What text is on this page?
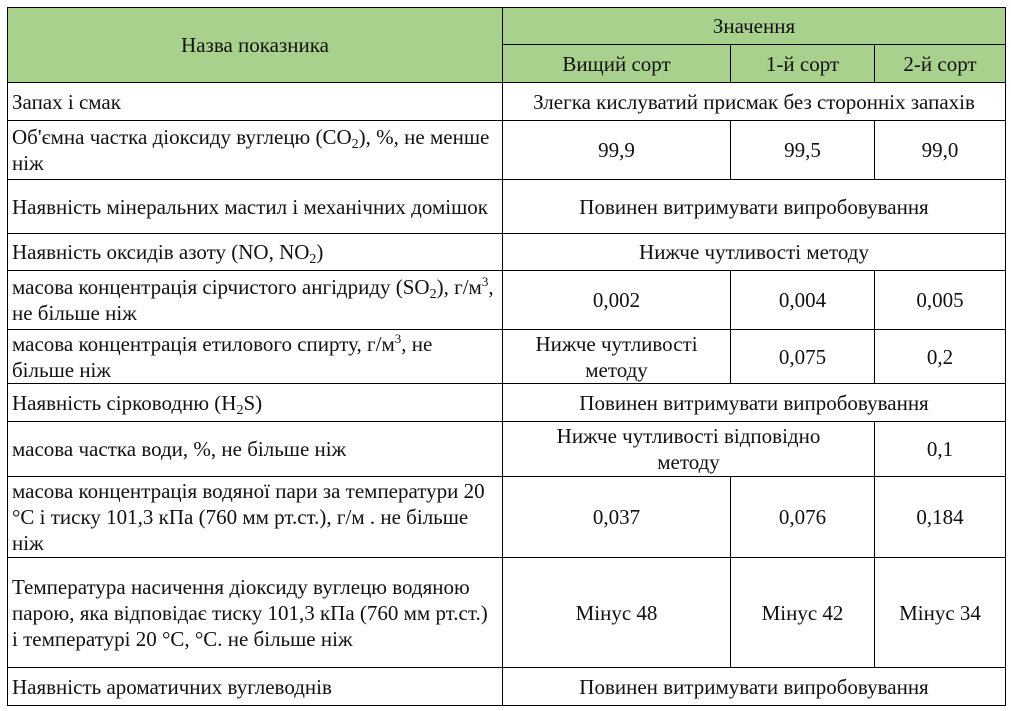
Назва показника	Значення		
	Вищий сорт	1-й сорт	2-й сорт
Запах і смак	Злегка кислуватий присмак без сторонніх запахів		
Об'ємна частка діоксиду вуглецю $(CO_2)$, %, не менше ніж	99,9	99,5	99,0
Наявність мінеральних мастил і механічних домішок	Повинен витримувати випробовування		
Наявність оксидів азоту (NO, $NO_2$)	Нижче чутливості методу		
масова концентрація сірчистого ангідриду $(SO_2)$, $г/м^3$, не більше ніж	0,002	0,004	0,005
масова концентрація етилового спирту, $г/м^3$, не більше ніж	Нижче чутливості методу	0,075	0,2
Наявність сірководню $(H_2S)$	Повинен витримувати випробовування		
масова частка води, %, не більше ніж	Нижче чутливості відповідно методу		0,1
масова концентрація водяної пари за температури 20 °С і тиску 101,3 кПа (760 мм рт.ст.), г/м . не більше ніж	0,037	0,076	0,184
Температура насичення діоксиду вуглецю водяною парою, яка відповідає тиску 101,3 кПа (760 мм рт.ст.) і температурі 20 °С, °С. не більше ніж	Мінус 48	Мінус 42	Мінус 34
Наявність ароматичних вуглеводнів	Повинен витримувати випробовування		
